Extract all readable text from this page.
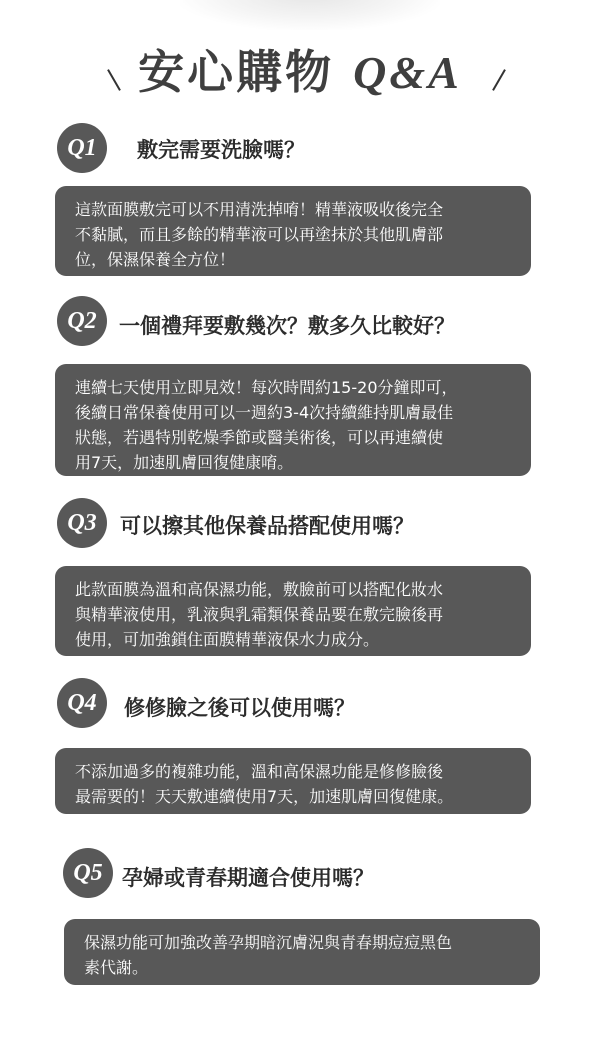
安心購物 Q&A
Q1	敷完需要洗臉嗎？
這款面膜敷完可以不用清洗掉唷！精華液吸收後完全
不黏膩，而且多餘的精華液可以再塗抹於其他肌膚部
位，保濕保養全方位！
Q2	一個禮拜要敷幾次？敷多久比較好？
連續七天使用立即見效！每次時間約15-20分鐘即可，
後續日常保養使用可以一週約3-4次持續維持肌膚最佳
狀態，若遇特別乾燥季節或醫美術後，可以再連續使
用7天，加速肌膚回復健康唷。
Q3	可以擦其他保養品搭配使用嗎？
此款面膜為溫和高保濕功能，敷臉前可以搭配化妝水
與精華液使用，乳液與乳霜類保養品要在敷完臉後再
使用，可加強鎖住面膜精華液保水力成分。
Q4	修修臉之後可以使用嗎？
不添加過多的複雜功能，溫和高保濕功能是修修臉後
最需要的！天天敷連續使用7天，加速肌膚回復健康。
Q5 孕婦或青春期適合使用嗎？
保濕功能可加強改善孕期暗沉膚況與青春期痘痘黑色
素代謝。
